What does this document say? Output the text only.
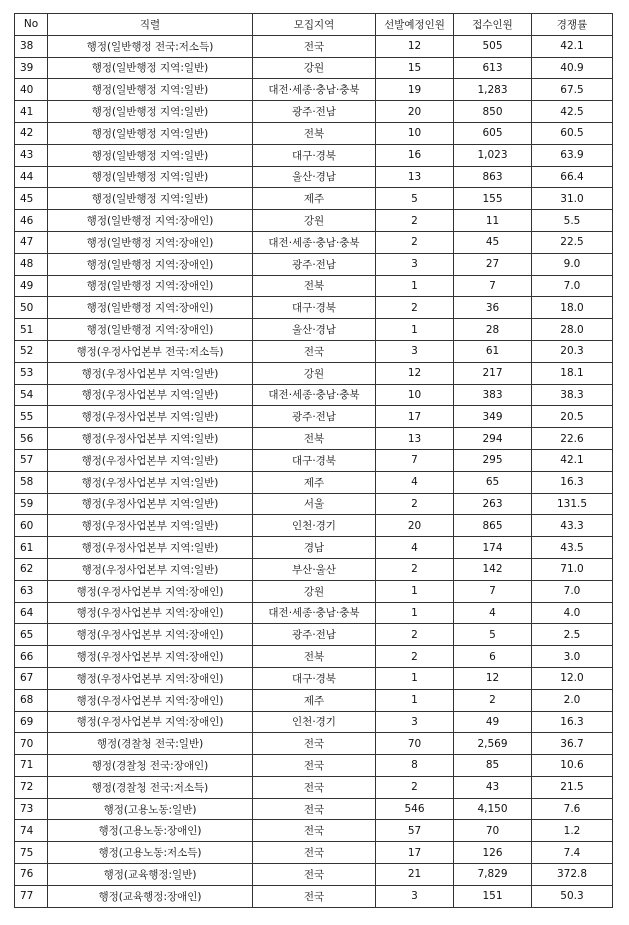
No	직렬	모집지역	선발예정인원	접수인원	경쟁률
38	행정(일반행정 전국:저소득)	전국	12	505	42.1
39	행정(일반행정 지역:일반)	강원	15	613	40.9
40	행정(일반행정 지역:일반)	대전·세종·충남·충북	19	1,283	67.5
41	행정(일반행정 지역:일반)	광주·전남	20	850	42.5
42	행정(일반행정 지역:일반)	전북	10	605	60.5
43	행정(일반행정 지역:일반)	대구·경북	16	1,023	63.9
44	행정(일반행정 지역:일반)	울산·경남	13	863	66.4
45	행정(일반행정 지역:일반)	제주	5	155	31.0
46	행정(일반행정 지역:장애인)	강원	2	11	5.5
47	행정(일반행정 지역:장애인)	대전·세종·충남·충북	2	45	22.5
48	행정(일반행정 지역:장애인)	광주·전남	3	27	9.0
49	행정(일반행정 지역:장애인)	전북	1	7	7.0
50	행정(일반행정 지역:장애인)	대구·경북	2	36	18.0
51	행정(일반행정 지역:장애인)	울산·경남	1	28	28.0
52	행정(우정사업본부 전국:저소득)	전국	3	61	20.3
53	행정(우정사업본부 지역:일반)	강원	12	217	18.1
54	행정(우정사업본부 지역:일반)	대전·세종·충남·충북	10	383	38.3
55	행정(우정사업본부 지역:일반)	광주·전남	17	349	20.5
56	행정(우정사업본부 지역:일반)	전북	13	294	22.6
57	행정(우정사업본부 지역:일반)	대구·경북	7	295	42.1
58	행정(우정사업본부 지역:일반)	제주	4	65	16.3
59	행정(우정사업본부 지역:일반)	서울	2	263	131.5
60	행정(우정사업본부 지역:일반)	인천·경기	20	865	43.3
61	행정(우정사업본부 지역:일반)	경남	4	174	43.5
62	행정(우정사업본부 지역:일반)	부산·울산	2	142	71.0
63	행정(우정사업본부 지역:장애인)	강원	1	7	7.0
64	행정(우정사업본부 지역:장애인)	대전·세종·충남·충북	1	4	4.0
65	행정(우정사업본부 지역:장애인)	광주·전남	2	5	2.5
66	행정(우정사업본부 지역:장애인)	전북	2	6	3.0
67	행정(우정사업본부 지역:장애인)	대구·경북	1	12	12.0
68	행정(우정사업본부 지역:장애인)	제주	1	2	2.0
69	행정(우정사업본부 지역:장애인)	인천·경기	3	49	16.3
70	행정(경찰청 전국:일반)	전국	70	2,569	36.7
71	행정(경찰청 전국:장애인)	전국	8	85	10.6
72	행정(경찰청 전국:저소득)	전국	2	43	21.5
73	행정(고용노동:일반)	전국	546	4,150	7.6
74	행정(고용노동:장애인)	전국	57	70	1.2
75	행정(고용노동:저소득)	전국	17	126	7.4
76	행정(교육행정:일반)	전국	21	7,829	372.8
77	행정(교육행정:장애인)	전국	3	151	50.3
